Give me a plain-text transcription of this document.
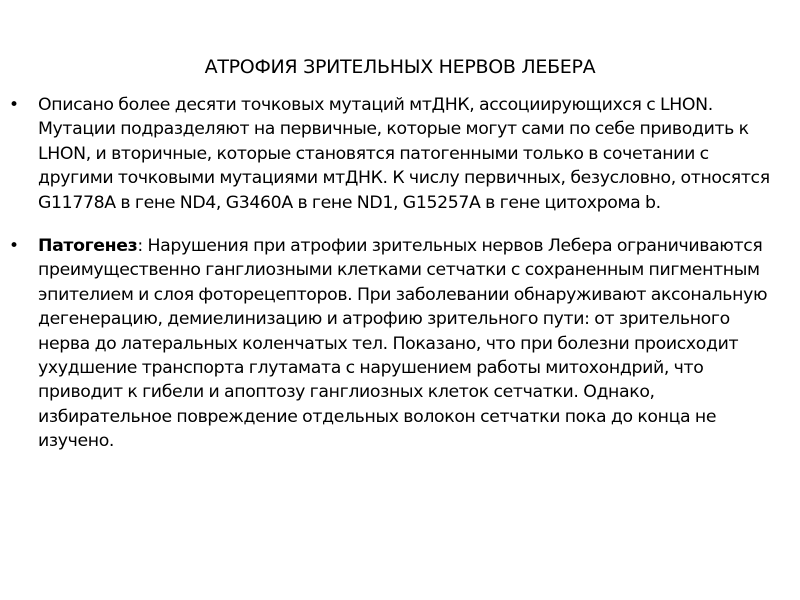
АТРОФИЯ ЗРИТЕЛЬНЫХ НЕРВОВ ЛЕБЕРА
• Описано более десяти точковых мутаций мтДНК, ассоциирующихся с LHON. Мутации подразделяют на первичные, которые могут сами по себе приводить к LHON, и вторичные, которые становятся патогенными только в сочетании с другими точковыми мутациями мтДНК. К числу первичных, безусловно, относятся G11778A в гене ND4, G3460A в гене ND1, G15257A в гене цитохрома b.
• Патогенез: Нарушения при атрофии зрительных нервов Лебера ограничиваются преимущественно ганглиозными клетками сетчатки с сохраненным пигментным эпителием и слоя фоторецепторов. При заболевании обнаруживают аксональную дегенерацию, демиелинизацию и атрофию зрительного пути: от зрительного нерва до латеральных коленчатых тел. Показано, что при болезни происходит ухудшение транспорта глутамата с нарушением работы митохондрий, что приводит к гибели и апоптозу ганглиозных клеток сетчатки. Однако, избирательное повреждение отдельных волокон сетчатки пока до конца не изучено.
